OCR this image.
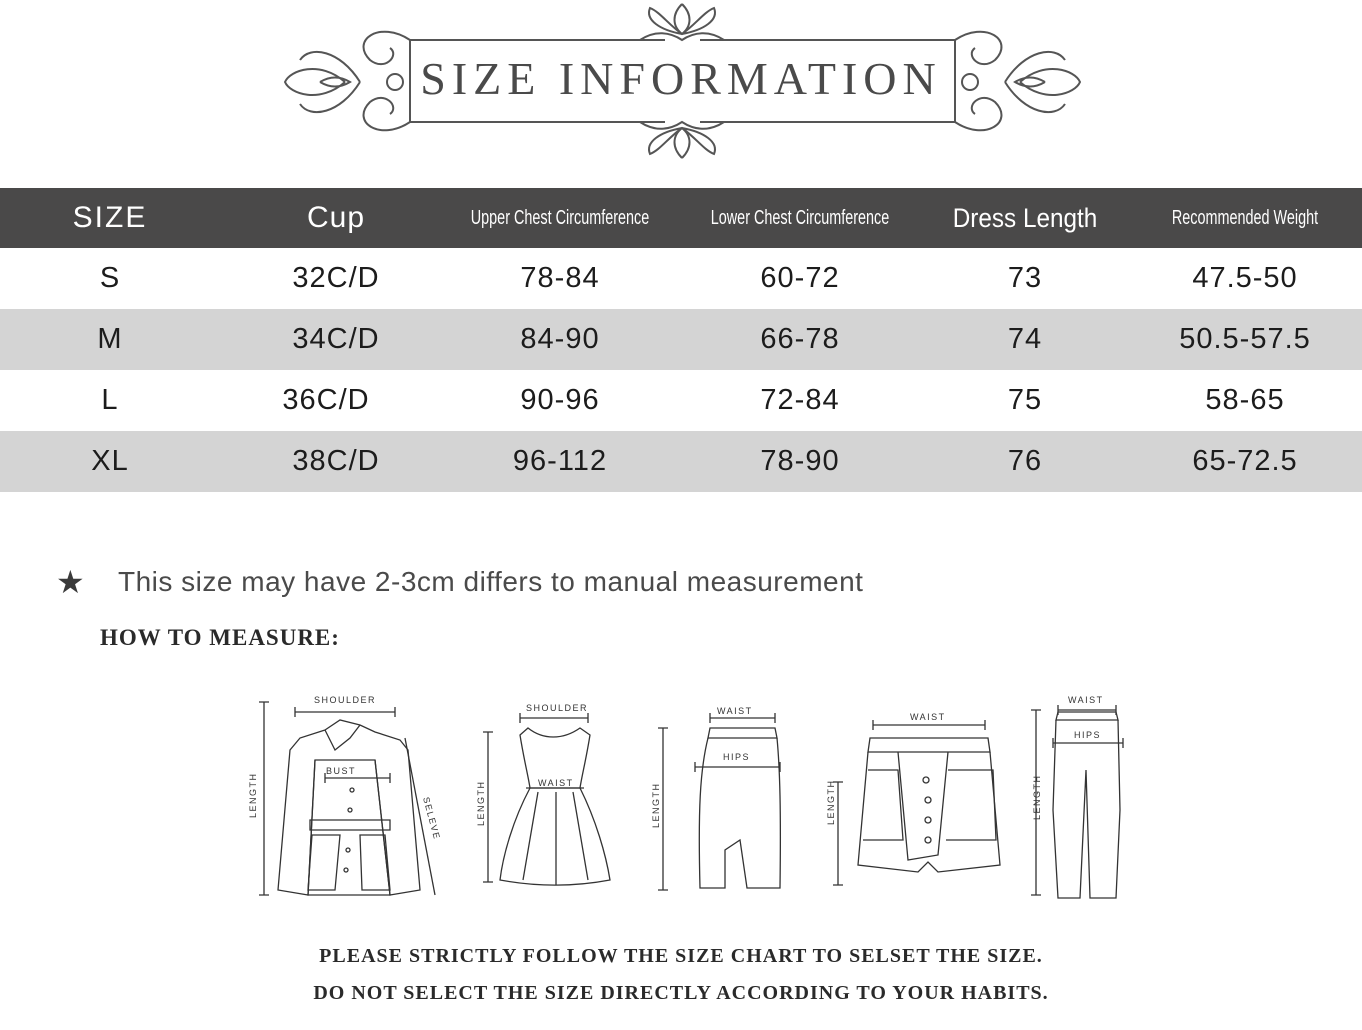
SIZE INFORMATION
SIZE	Cup	Upper Chest Circumference	Lower Chest Circumference	Dress Length	Recommended Weight
S	32C/D	78-84	60-72	73	47.5-50
M	34C/D	84-90	66-78	74	50.5-57.5
L	36C/D	90-96	72-84	75	58-65
XL	38C/D	96-112	78-90	76	65-72.5
★	This size may have 2-3cm differs to manual measurement
HOW TO MEASURE:
SHOULDER
BUST
LENGTH
SELEVE
SHOULDER
WAIST
LENGTH
WAIST
HIPS
LENGTH
WAIST
LENGTH
WAIST
HIPS
LENGTH
PLEASE STRICTLY FOLLOW THE SIZE CHART TO SELSET THE SIZE.
DO NOT SELECT THE SIZE DIRECTLY ACCORDING TO YOUR HABITS.
